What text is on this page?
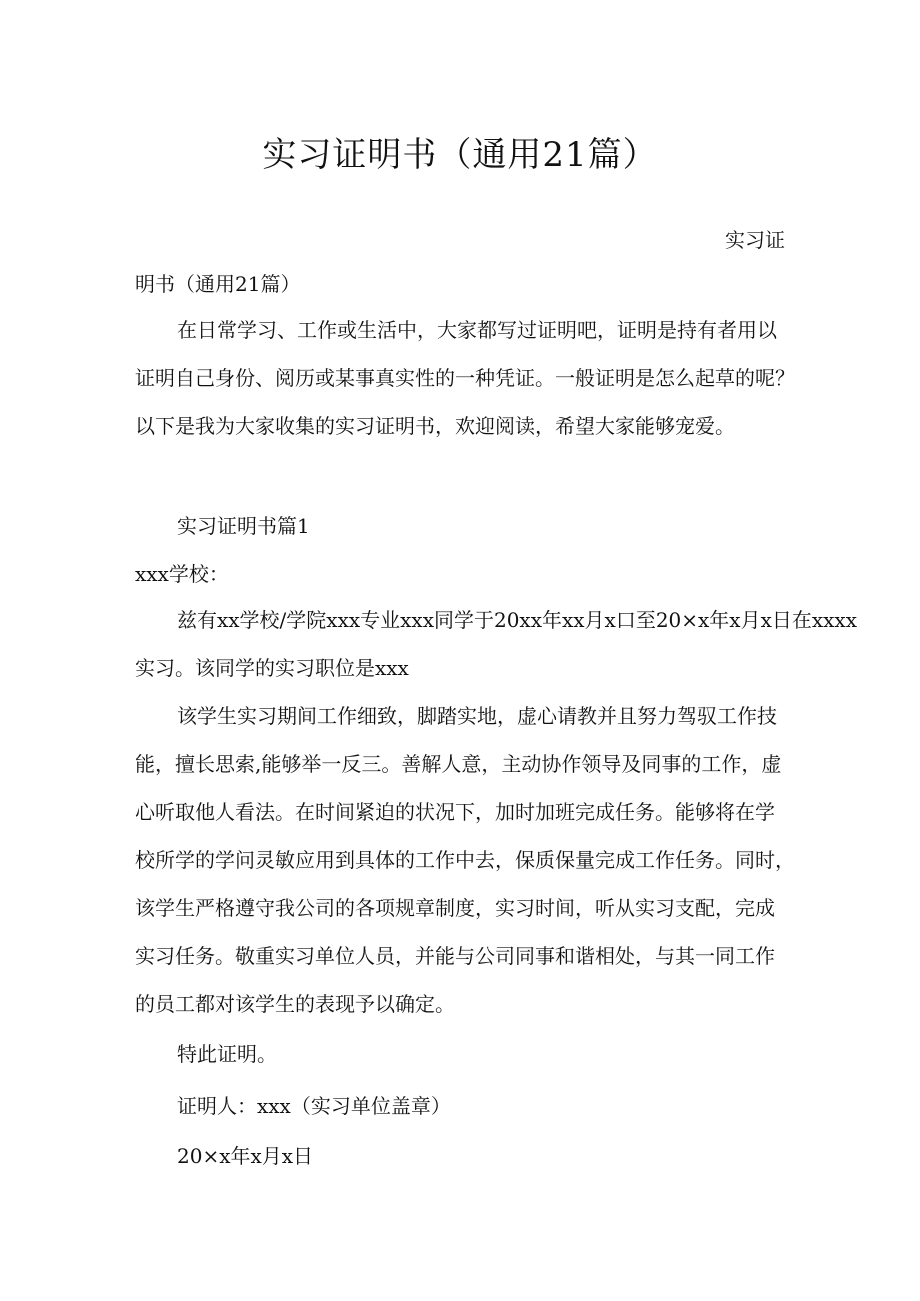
实习证明书（通用21篇）
实习证
明书（通用21篇）
在日常学习、工作或生活中，大家都写过证明吧，证明是持有者用以
证明自己身份、阅历或某事真实性的一种凭证。一般证明是怎么起草的呢？
以下是我为大家收集的实习证明书，欢迎阅读，希望大家能够宠爱。
实习证明书篇1
xxx学校：
兹有xx学校/学院xxx专业xxx同学于20xx年xx月x口至20×x年x月x日在xxxx
实习。该同学的实习职位是xxx
该学生实习期间工作细致，脚踏实地，虚心请教并且努力驾驭工作技
能，擅长思索,能够举一反三。善解人意，主动协作领导及同事的工作，虚
心听取他人看法。在时间紧迫的状况下，加时加班完成任务。能够将在学
校所学的学问灵敏应用到具体的工作中去，保质保量完成工作任务。同时，
该学生严格遵守我公司的各项规章制度，实习时间，听从实习支配，完成
实习任务。敬重实习单位人员，并能与公司同事和谐相处，与其一同工作
的员工都对该学生的表现予以确定。
特此证明。
证明人：xxx（实习单位盖章）
20×x年x月x日
